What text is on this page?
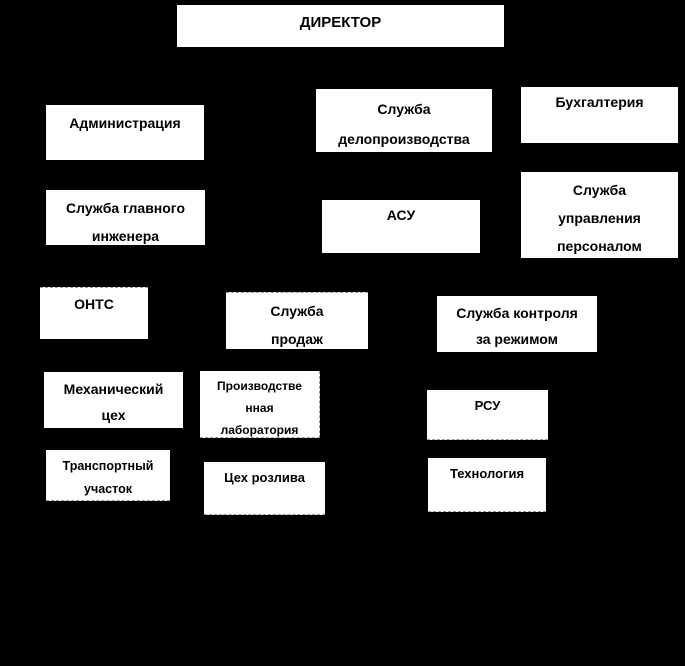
ДИРЕКТОР
Администрация
Служба
делопроизводства
Бухгалтерия
Служба главного
инженера
АСУ
Служба
управления
персоналом
ОНТС	Служба
продаж
Служба контроля
за режимом
Механический
цех
Производстве
нная
лаборатория
РСУ
Транспортный
участок
Цех розлива	Технология
